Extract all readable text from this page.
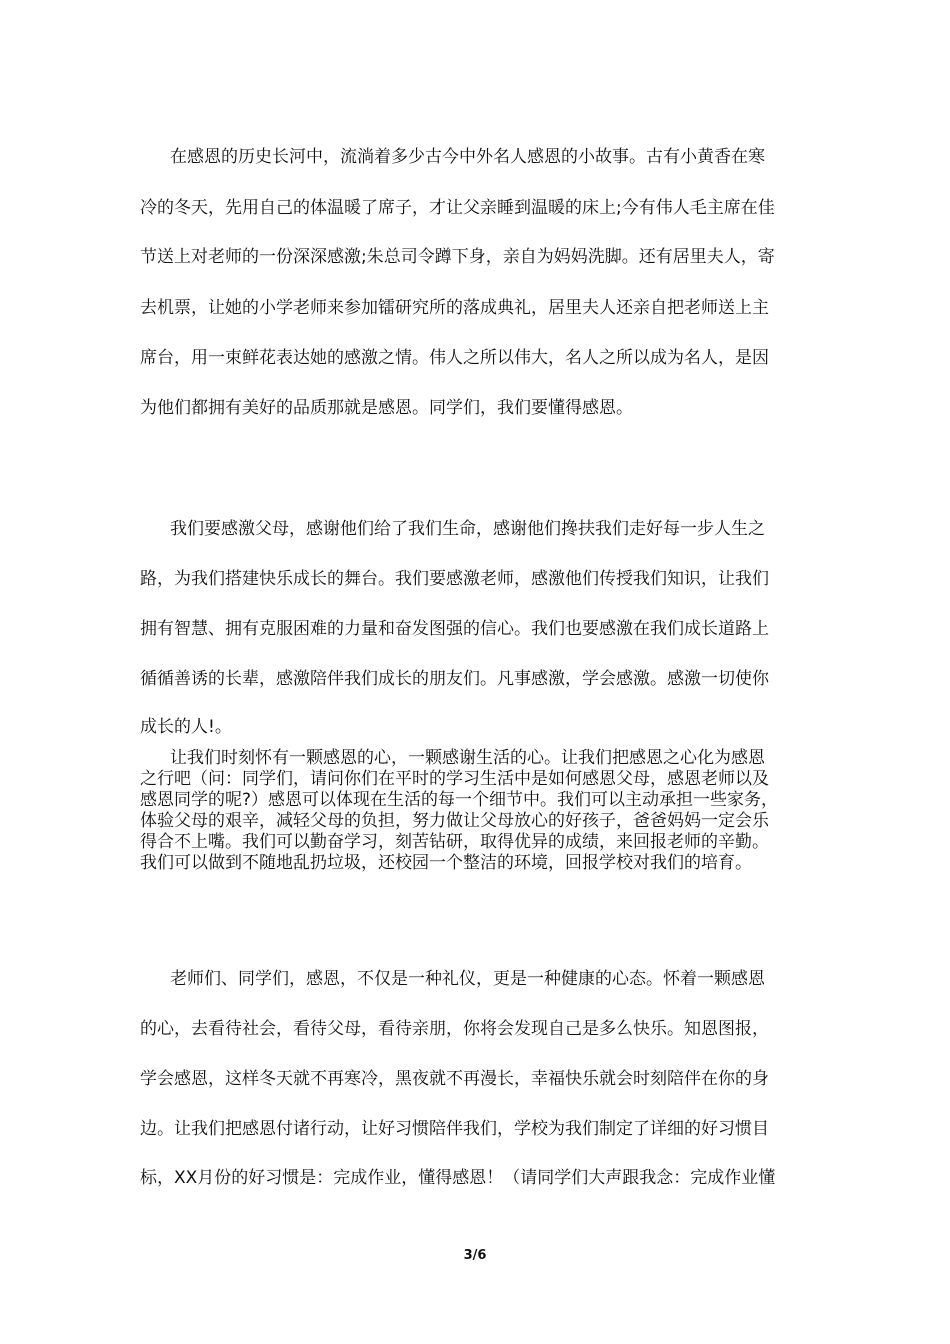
在感恩的历史长河中，流淌着多少古今中外名人感恩的小故事。古有小黄香在寒
冷的冬天，先用自己的体温暖了席子，才让父亲睡到温暖的床上;今有伟人毛主席在佳
节送上对老师的一份深深感激;朱总司令蹲下身，亲自为妈妈洗脚。还有居里夫人，寄
去机票，让她的小学老师来参加镭研究所的落成典礼，居里夫人还亲自把老师送上主
席台，用一束鲜花表达她的感激之情。伟人之所以伟大，名人之所以成为名人，是因
为他们都拥有美好的品质那就是感恩。同学们，我们要懂得感恩。
我们要感激父母，感谢他们给了我们生命，感谢他们搀扶我们走好每一步人生之
路，为我们搭建快乐成长的舞台。我们要感激老师，感激他们传授我们知识，让我们
拥有智慧、拥有克服困难的力量和奋发图强的信心。我们也要感激在我们成长道路上
循循善诱的长辈，感激陪伴我们成长的朋友们。凡事感激，学会感激。感激一切使你
成长的人!。
让我们时刻怀有一颗感恩的心，一颗感谢生活的心。让我们把感恩之心化为感恩
之行吧（问：同学们，请问你们在平时的学习生活中是如何感恩父母，感恩老师以及
感恩同学的呢?）感恩可以体现在生活的每一个细节中。我们可以主动承担一些家务，
体验父母的艰辛，减轻父母的负担，努力做让父母放心的好孩子，爸爸妈妈一定会乐
得合不上嘴。我们可以勤奋学习，刻苦钻研，取得优异的成绩，来回报老师的辛勤。
我们可以做到不随地乱扔垃圾，还校园一个整洁的环境，回报学校对我们的培育。
老师们、同学们，感恩，不仅是一种礼仪，更是一种健康的心态。怀着一颗感恩
的心，去看待社会，看待父母，看待亲朋，你将会发现自己是多么快乐。知恩图报，
学会感恩，这样冬天就不再寒冷，黑夜就不再漫长，幸福快乐就会时刻陪伴在你的身
边。让我们把感恩付诸行动，让好习惯陪伴我们，学校为我们制定了详细的好习惯目
标，XX月份的好习惯是：完成作业，懂得感恩！（请同学们大声跟我念：完成作业懂
3/6
